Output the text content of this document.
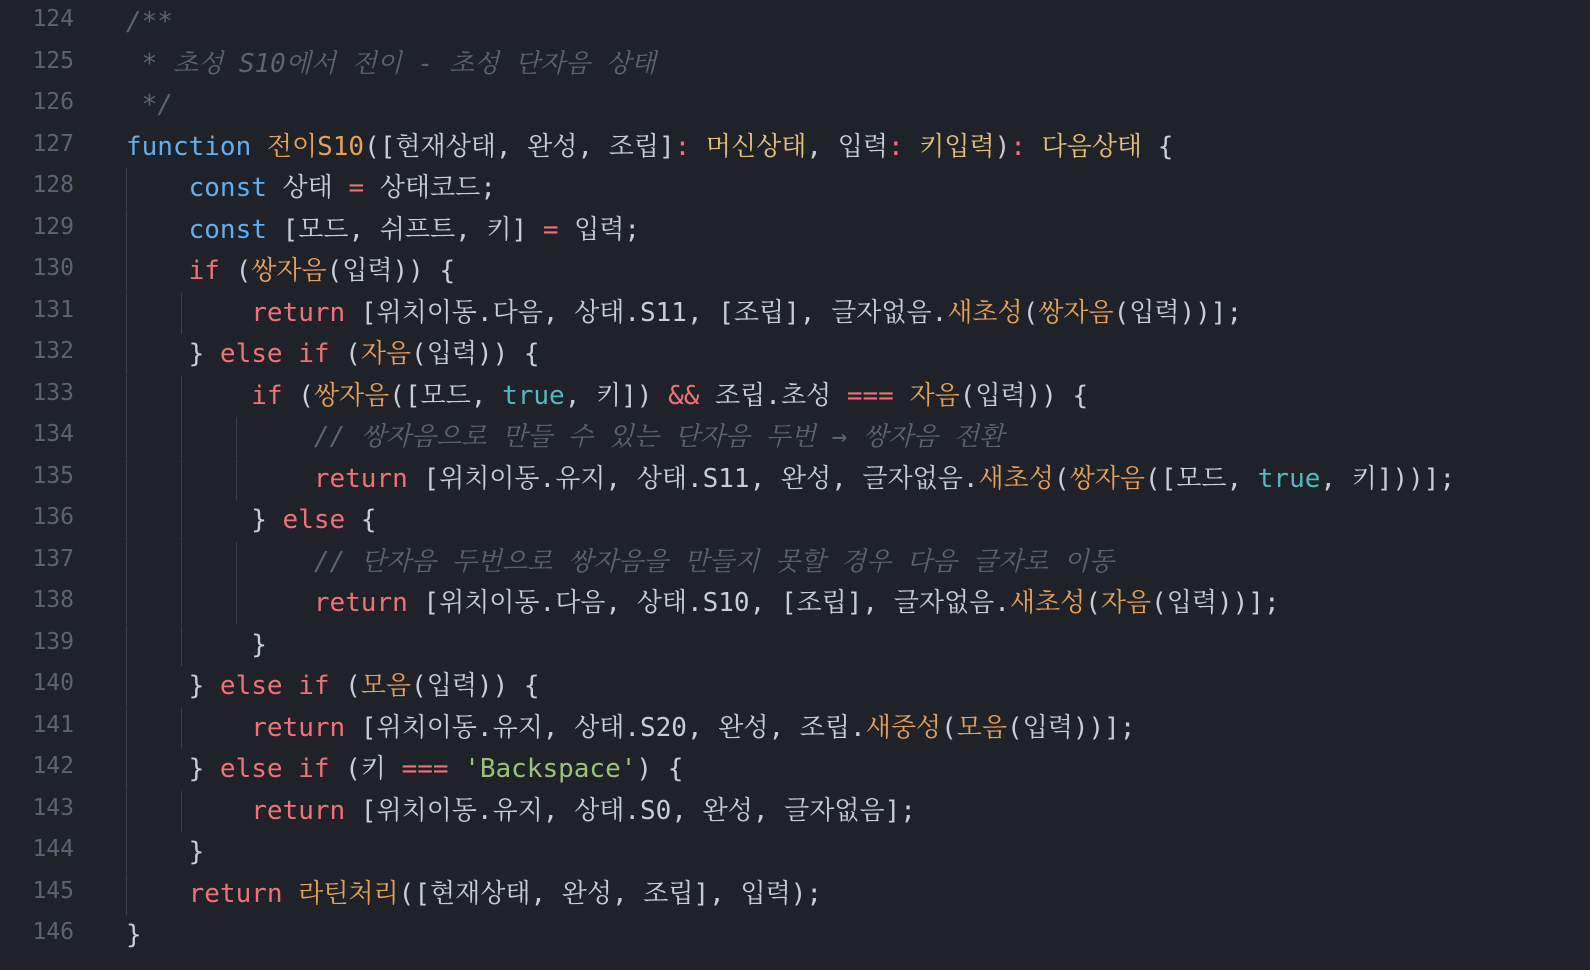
124 /**
125 * 초성 S10에서 전이 - 초성 단자음 상태
126 */
127 function 전이S10([현재상태, 완성, 조립]: 머신상태, 입력: 키입력): 다음상태 {
128	const 상태 = 상태코드;
129	const [모드, 쉬프트, 키] = 입력;
130	if (쌍자음(입력)) {
131	return [위치이동.다음, 상태.S11, [조립], 글자없음.새초성(쌍자음(입력))];
132 } else if (자음(입력)) {
133	if (쌍자음([모드, true, 키]) && 조립.초성 === 자음(입력)) {
134	// 쌍자음으로 만들 수 있는 단자음 두번 → 쌍자음 전환
135	return [위치이동.유지, 상태.S11, 완성, 글자없음.새초성(쌍자음([모드, true, 키]))];
136 } else {
137	// 단자음 두번으로 쌍자음을 만들지 못할 경우 다음 글자로 이동
138	return [위치이동.다음, 상태.S10, [조립], 글자없음.새초성(자음(입력))];
139 }
140 } else if (모음(입력)) {
141	return [위치이동.유지, 상태.S20, 완성, 조립.새중성(모음(입력))];
142 } else if (키 === 'Backspace') {
143	return [위치이동.유지, 상태.S0, 완성, 글자없음];
144 }
145	return 라틴처리([현재상태, 완성, 조립], 입력);
146 }
